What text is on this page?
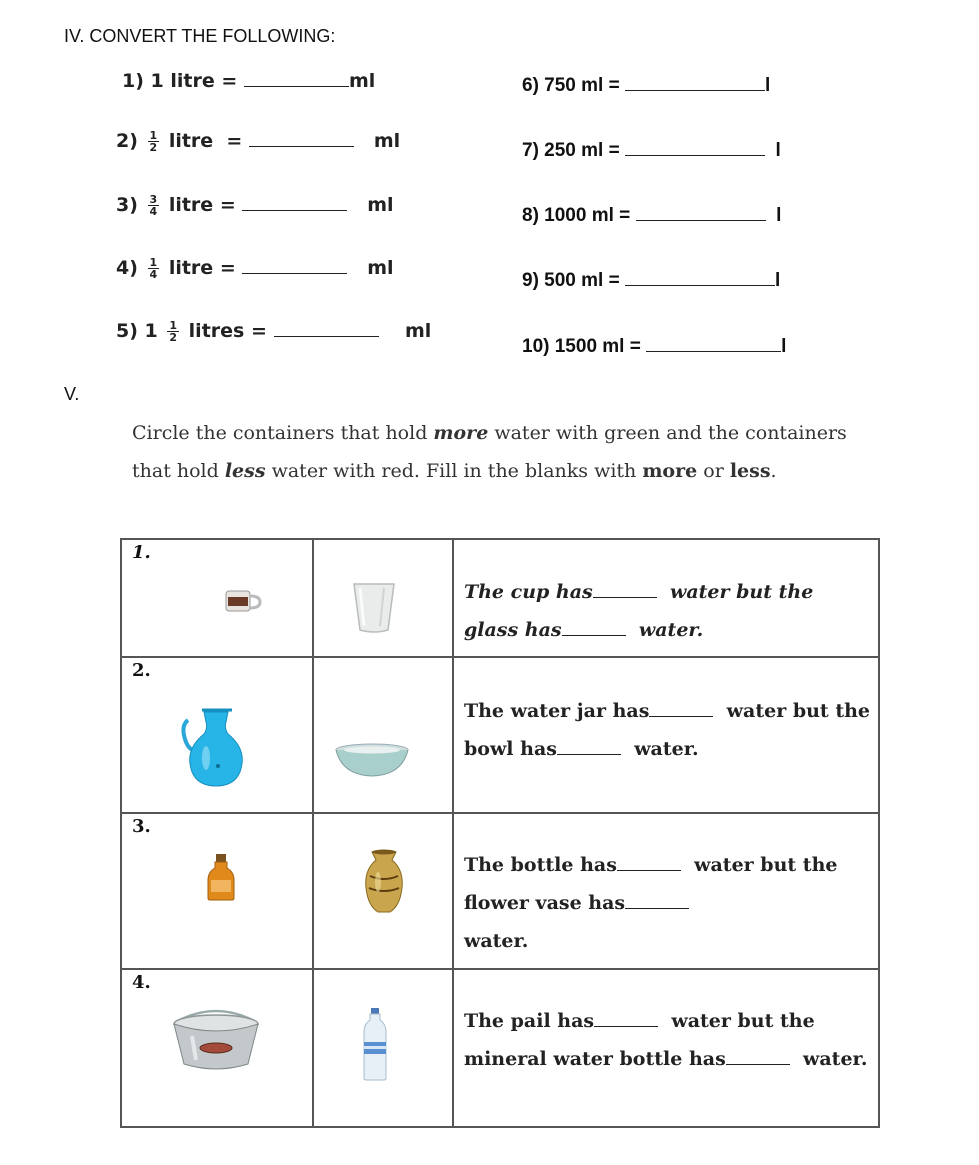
IV. CONVERT THE FOLLOWING:
1) 1 litre =	ml
$2) \frac{1}{2}$ litre =	ml
$3) \frac{3}{4}$ litre =	ml
$4) \frac{1}{4}$ litre =	ml
5) $1 \frac{1}{2}$ litres =	ml
6) 750 ml =	l
7) 250 ml =	l
8) 1000 ml =	l
9) 500 ml =	l
10) 1500 ml =	l
V.
Circle the containers that hold more water with green and the containers that hold less water with red. Fill in the blanks with more or less.
1.		The cup has water but the glass has water.

2.		The water jar has water but the bowl has water.

3.		The bottle has water but the flower vase has
water.

4.		The pail has water but the mineral water bottle has water.
